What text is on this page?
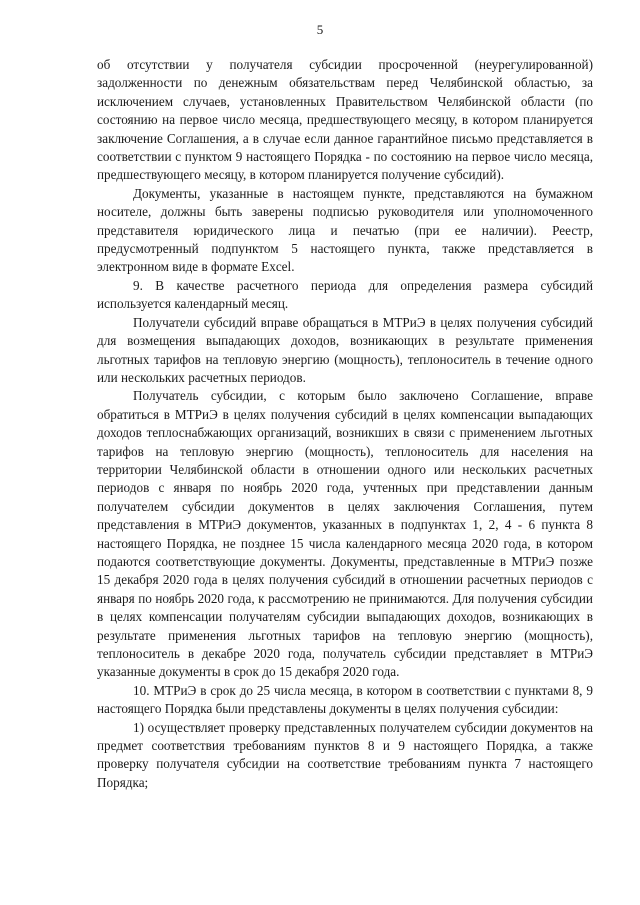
5

об отсутствии у получателя субсидии просроченной (неурегулированной) задолженности по денежным обязательствам перед Челябинской областью, за исключением случаев, установленных Правительством Челябинской области (по состоянию на первое число месяца, предшествующего месяцу, в котором планируется заключение Соглашения, а в случае если данное гарантийное письмо представляется в соответствии с пунктом 9 настоящего Порядка - по состоянию на первое число месяца, предшествующего месяцу, в котором планируется получение субсидий).

Документы, указанные в настоящем пункте, представляются на бумажном носителе, должны быть заверены подписью руководителя или уполномоченного представителя юридического лица и печатью (при ее наличии). Реестр, предусмотренный подпунктом 5 настоящего пункта, также представляется в электронном виде в формате Excel.

9. В качестве расчетного периода для определения размера субсидий используется календарный месяц.

Получатели субсидий вправе обращаться в МТРиЭ в целях получения субсидий для возмещения выпадающих доходов, возникающих в результате применения льготных тарифов на тепловую энергию (мощность), теплоноситель в течение одного или нескольких расчетных периодов.

Получатель субсидии, с которым было заключено Соглашение, вправе обратиться в МТРиЭ в целях получения субсидий в целях компенсации выпадающих доходов теплоснабжающих организаций, возникших в связи с применением льготных тарифов на тепловую энергию (мощность), теплоноситель для населения на территории Челябинской области в отношении одного или нескольких расчетных периодов с января по ноябрь 2020 года, учтенных при представлении данным получателем субсидии документов в целях заключения Соглашения, путем представления в МТРиЭ документов, указанных в подпунктах 1, 2, 4 - 6 пункта 8 настоящего Порядка, не позднее 15 числа календарного месяца 2020 года, в котором подаются соответствующие документы. Документы, представленные в МТРиЭ позже 15 декабря 2020 года в целях получения субсидий в отношении расчетных периодов с января по ноябрь 2020 года, к рассмотрению не принимаются. Для получения субсидии в целях компенсации получателям субсидии выпадающих доходов, возникающих в результате применения льготных тарифов на тепловую энергию (мощность), теплоноситель в декабре 2020 года, получатель субсидии представляет в МТРиЭ указанные документы в срок до 15 декабря 2020 года.

10. МТРиЭ в срок до 25 числа месяца, в котором в соответствии с пунктами 8, 9 настоящего Порядка были представлены документы в целях получения субсидии:

1) осуществляет проверку представленных получателем субсидии документов на предмет соответствия требованиям пунктов 8 и 9 настоящего Порядка, а также проверку получателя субсидии на соответствие требованиям пункта 7 настоящего Порядка;
